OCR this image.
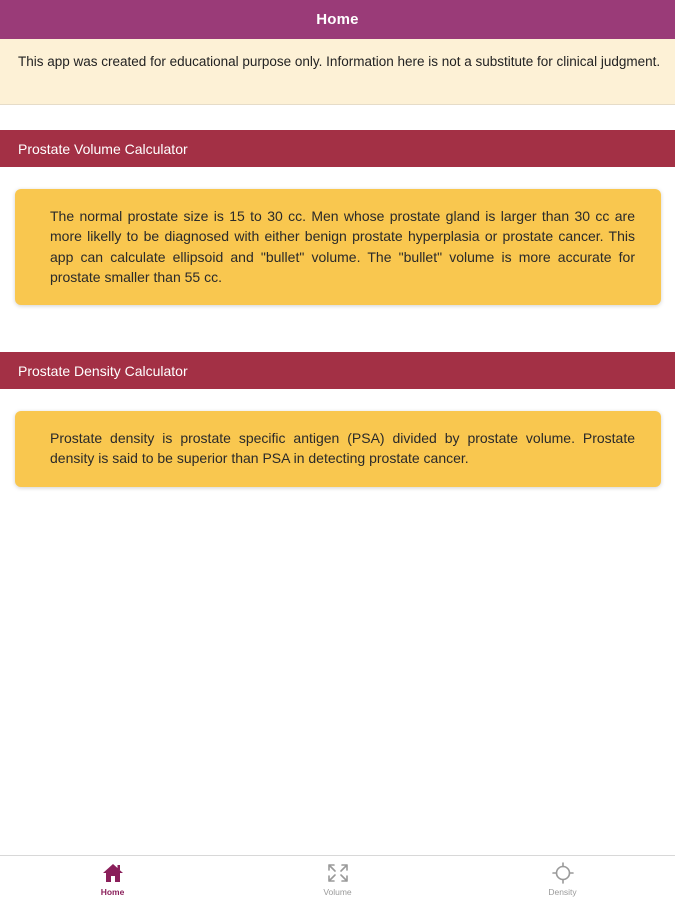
Home

This app was created for educational purpose only. Information here is not a substitute for clinical judgment.

Prostate Volume Calculator

The normal prostate size is 15 to 30 cc. Men whose prostate gland is larger than 30 cc are more likelly to be diagnosed with either benign prostate hyperplasia or prostate cancer. This app can calculate ellipsoid and "bullet" volume. The "bullet" volume is more accurate for prostate smaller than 55 cc.

Prostate Density Calculator

Prostate density is prostate specific antigen (PSA) divided by prostate volume. Prostate density is said to be superior than PSA in detecting prostate cancer.

Home	Volume	Density
